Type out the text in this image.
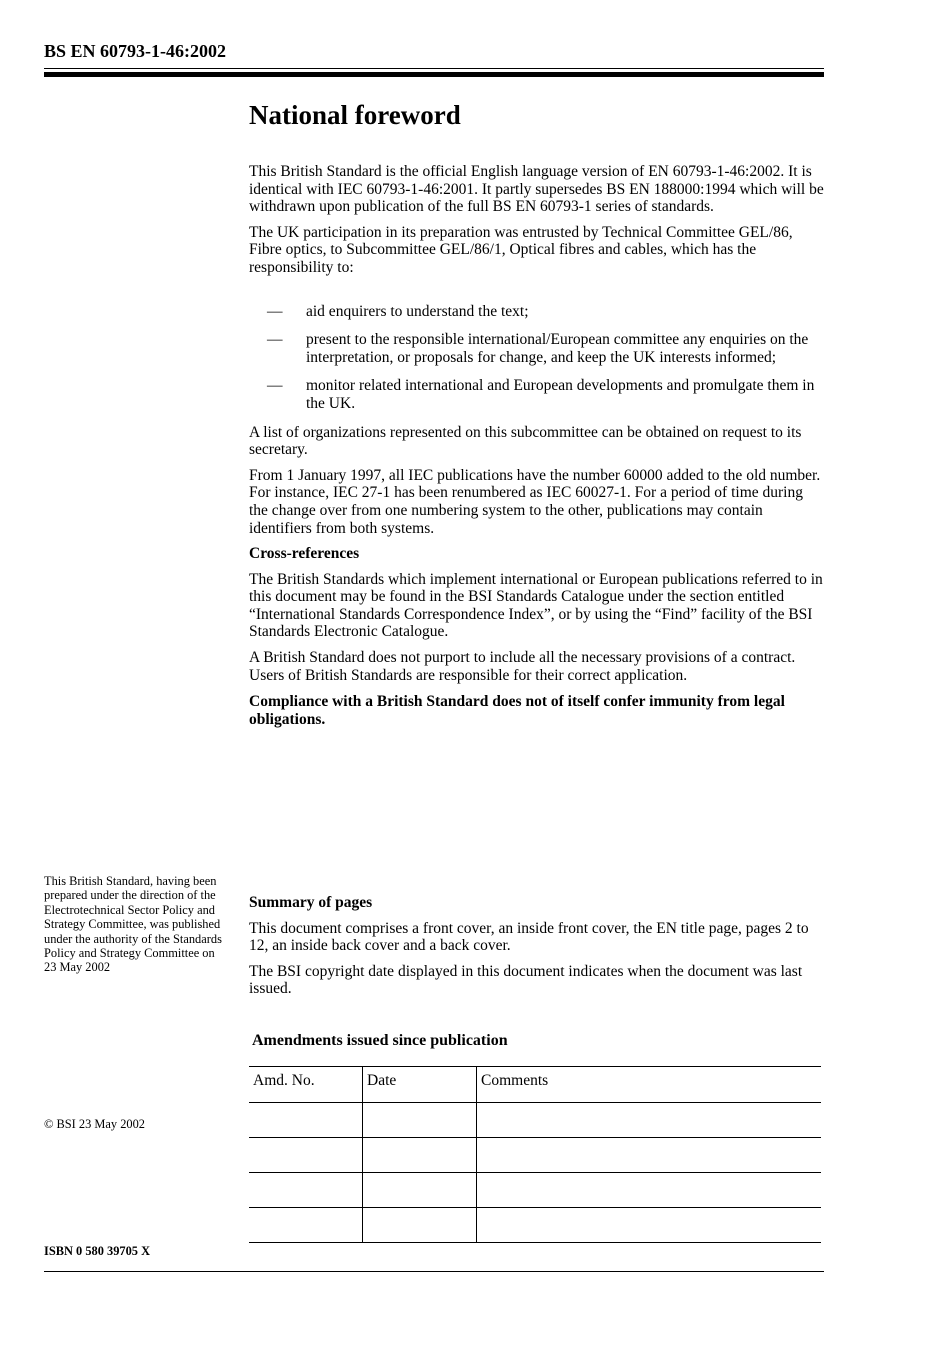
BS EN 60793-1-46:2002
National foreword

This British Standard is the official English language version of EN 60793-1-46:2002. It is identical with IEC 60793-1-46:2001. It partly supersedes BS EN 188000:1994 which will be withdrawn upon publication of the full BS EN 60793-1 series of standards.

The UK participation in its preparation was entrusted by Technical Committee GEL/86, Fibre optics, to Subcommittee GEL/86/1, Optical fibres and cables, which has the responsibility to:

— aid enquirers to understand the text;
— present to the responsible international/European committee any enquiries on the interpretation, or proposals for change, and keep the UK interests informed;
— monitor related international and European developments and promulgate them in the UK.

A list of organizations represented on this subcommittee can be obtained on request to its secretary.

From 1 January 1997, all IEC publications have the number 60000 added to the old number. For instance, IEC 27-1 has been renumbered as IEC 60027-1. For a period of time during the change over from one numbering system to the other, publications may contain identifiers from both systems.

Cross-references

The British Standards which implement international or European publications referred to in this document may be found in the BSI Standards Catalogue under the section entitled “International Standards Correspondence Index”, or by using the “Find” facility of the BSI Standards Electronic Catalogue.

A British Standard does not purport to include all the necessary provisions of a contract. Users of British Standards are responsible for their correct application.

Compliance with a British Standard does not of itself confer immunity from legal obligations.

This British Standard, having been prepared under the direction of the Electrotechnical Sector Policy and Strategy Committee, was published under the authority of the Standards Policy and Strategy Committee on 23 May 2002

Summary of pages

This document comprises a front cover, an inside front cover, the EN title page, pages 2 to 12, an inside back cover and a back cover.

The BSI copyright date displayed in this document indicates when the document was last issued.

© BSI 23 May 2002
Amendments issued since publication
Amd. No.	Date	Comments

ISBN 0 580 39705 X
